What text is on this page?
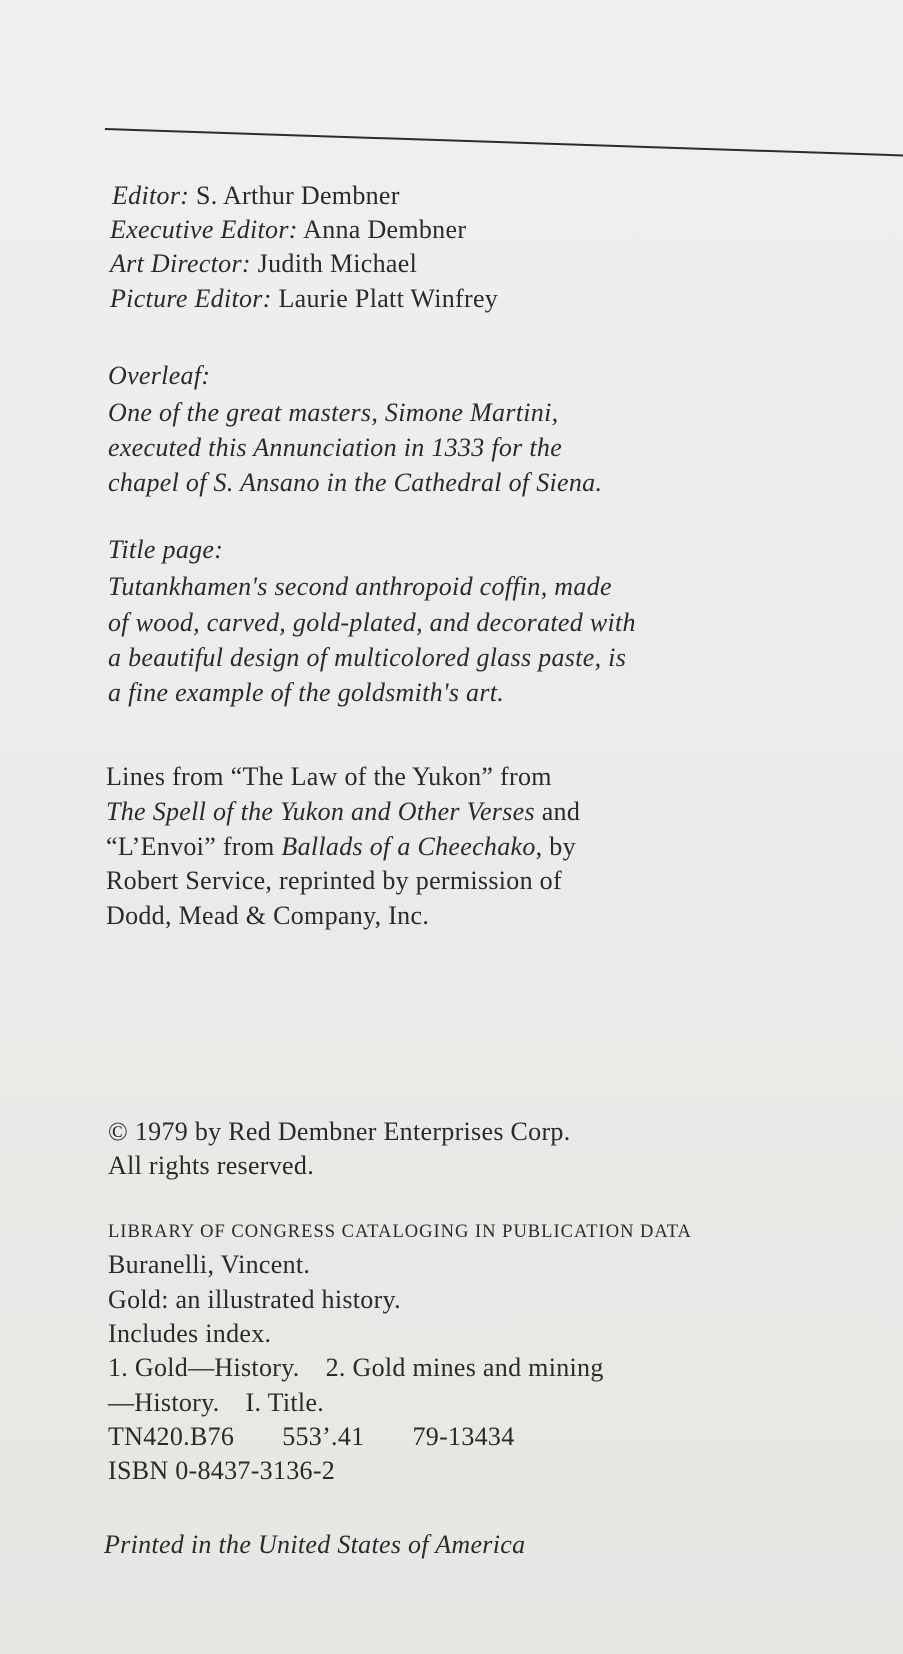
Editor: S. Arthur Dembner
Executive Editor: Anna Dembner
Art Director: Judith Michael
Picture Editor: Laurie Platt Winfrey
Overleaf:
One of the great masters, Simone Martini,
executed this Annunciation in 1333 for the
chapel of S. Ansano in the Cathedral of Siena.
Title page:
Tutankhamen's second anthropoid coffin, made
of wood, carved, gold-plated, and decorated with
a beautiful design of multicolored glass paste, is
a fine example of the goldsmith's art.
Lines from “The Law of the Yukon” from
The Spell of the Yukon and Other Verses and
“L’Envoi” from Ballads of a Cheechako, by
Robert Service, reprinted by permission of
Dodd, Mead & Company, Inc.
© 1979 by Red Dembner Enterprises Corp.
All rights reserved.
LIBRARY OF CONGRESS CATALOGING IN PUBLICATION DATA
Buranelli, Vincent.
Gold: an illustrated history.
Includes index.
1. Gold—History. 2. Gold mines and mining
—History. I. Title.
TN420.B76 553’.41 79-13434
ISBN 0-8437-3136-2
Printed in the United States of America
